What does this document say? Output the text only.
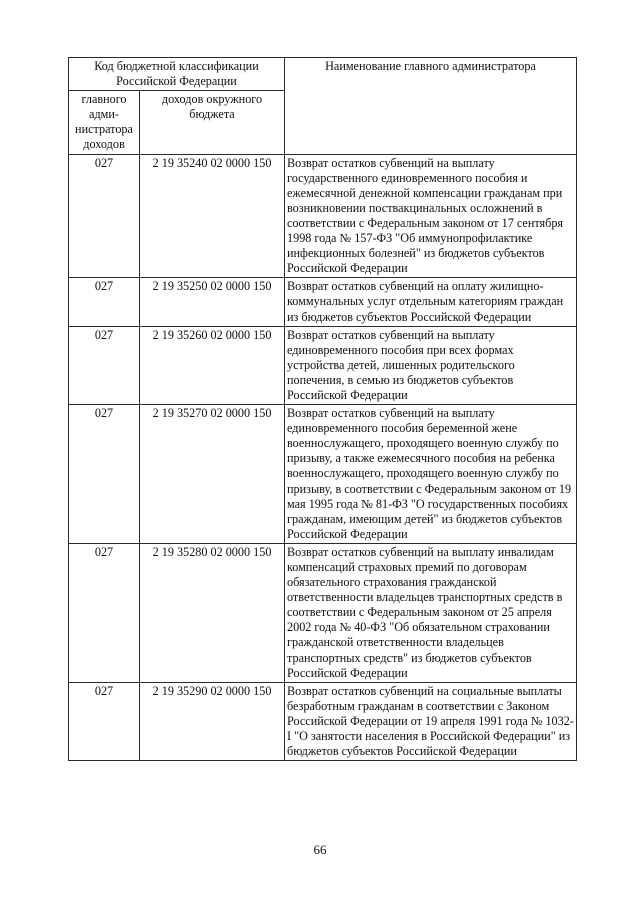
Код бюджетной классификации Российской Федерации		Наименование главного администратора
главного адми-нистратора доходов	доходов окружного бюджета	
027	2 19 35240 02 0000 150	Возврат остатков субвенций на выплату государственного единовременного пособия и ежемесячной денежной компенсации гражданам при возникновении поствакцинальных осложнений в соответствии с Федеральным законом от 17 сентября 1998 года № 157-ФЗ "Об иммунопрофилактике инфекционных болезней" из бюджетов субъектов Российской Федерации
027	2 19 35250 02 0000 150	Возврат остатков субвенций на оплату жилищно-коммунальных услуг отдельным категориям граждан из бюджетов субъектов Российской Федерации
027	2 19 35260 02 0000 150	Возврат остатков субвенций на выплату единовременного пособия при всех формах устройства детей, лишенных родительского попечения, в семью из бюджетов субъектов Российской Федерации
027	2 19 35270 02 0000 150	Возврат остатков субвенций на выплату единовременного пособия беременной жене военнослужащего, проходящего военную службу по призыву, а также ежемесячного пособия на ребенка военнослужащего, проходящего военную службу по призыву, в соответствии с Федеральным законом от 19 мая 1995 года № 81-ФЗ "О государственных пособиях гражданам, имеющим детей" из бюджетов субъектов Российской Федерации
027	2 19 35280 02 0000 150	Возврат остатков субвенций на выплату инвалидам компенсаций страховых премий по договорам обязательного страхования гражданской ответственности владельцев транспортных средств в соответствии с Федеральным законом от 25 апреля 2002 года № 40-ФЗ "Об обязательном страховании гражданской ответственности владельцев транспортных средств" из бюджетов субъектов Российской Федерации
027	2 19 35290 02 0000 150	Возврат остатков субвенций на социальные выплаты безработным гражданам в соответствии с Законом Российской Федерации от 19 апреля 1991 года № 1032-I "О занятости населения в Российской Федерации" из бюджетов субъектов Российской Федерации
66
